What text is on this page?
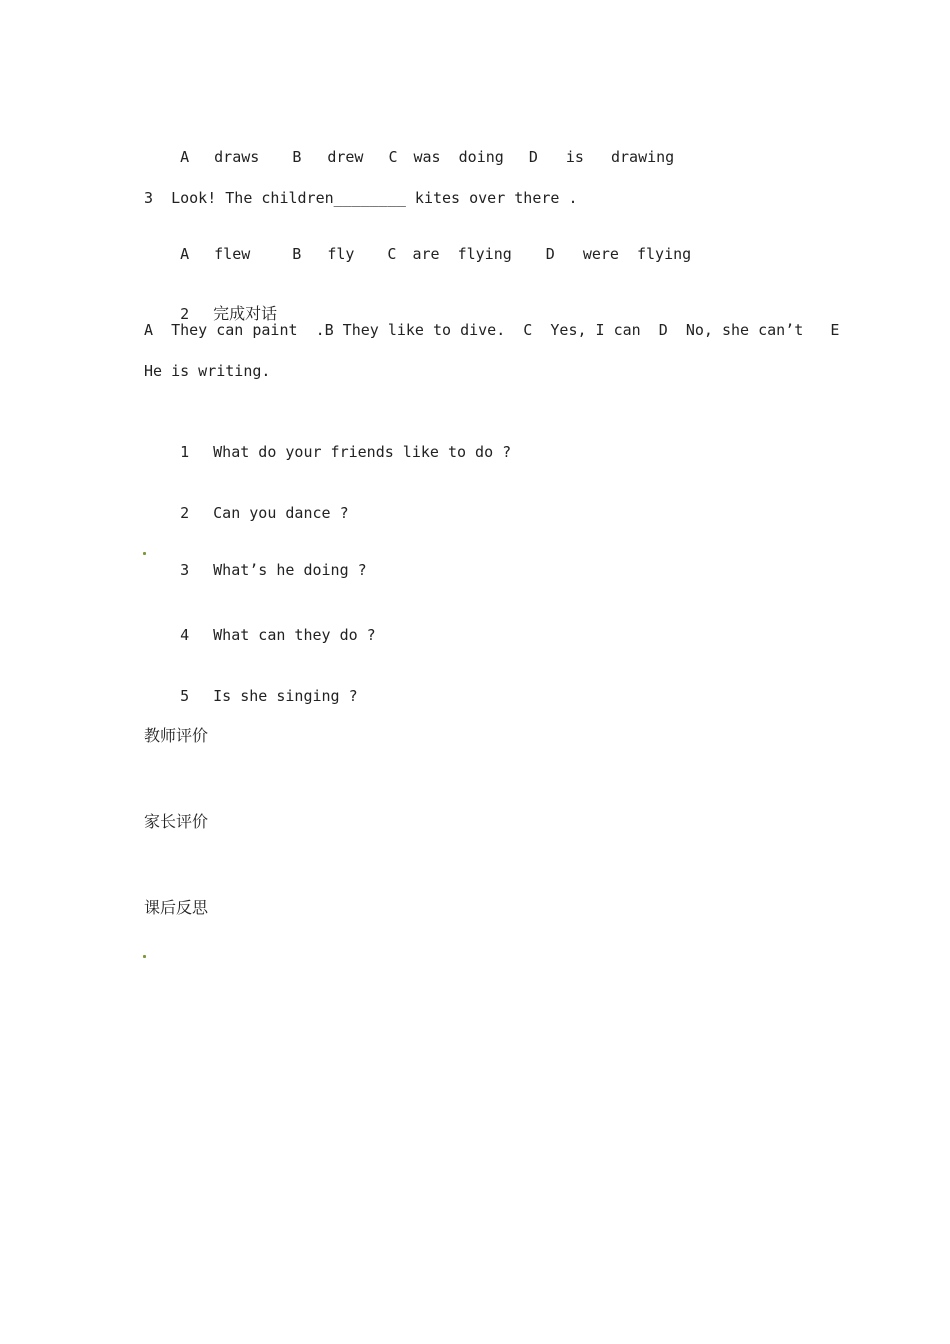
A draws B drew C was  doing D is   drawing

3  Look! The children________ kites over there .

A flew	B fly C are  flying D were  flying

2 完成对话

A  They can paint  .B They like to dive.  C  Yes, I can  D  No, she can’t   E
He is writing.

1 What do your friends like to do ?

2 Can you dance ?

3 What’s he doing ?

4 What can they do ?

5 Is she singing ?

教师评价
家长评价
课后反思
